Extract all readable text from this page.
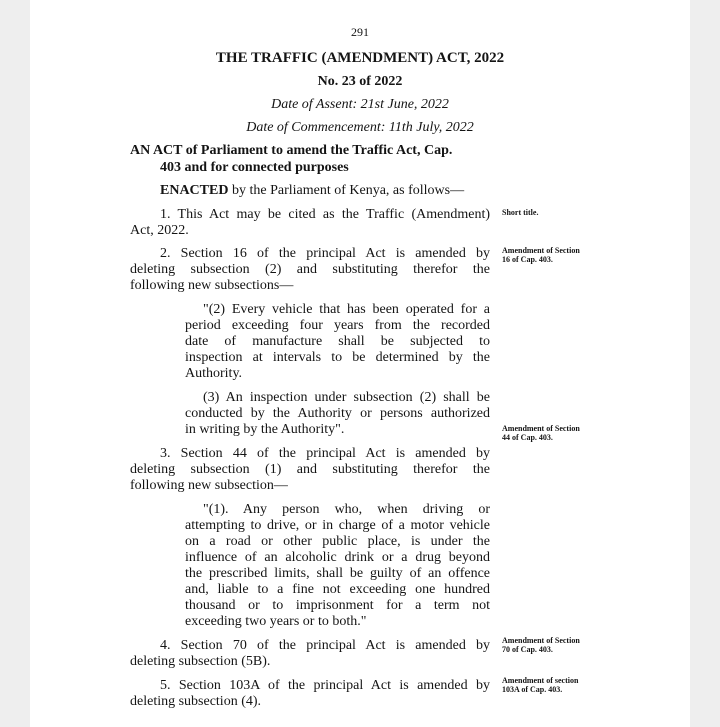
291

THE TRAFFIC (AMENDMENT) ACT, 2022

No. 23 of 2022

Date of Assent: 21st June, 2022

Date of Commencement: 11th July, 2022

AN ACT of Parliament to amend the Traffic Act, Cap.

403 and for connected purposes

ENACTED by the Parliament of Kenya, as follows—

1. This Act may be cited as the Traffic (Amendment)

Act, 2022.

Short title.

2. Section 16 of the principal Act is amended by

deleting subsection (2) and substituting therefor the

following new subsections—

Amendment of Section 16 of Cap. 403.

"(2) Every vehicle that has been operated for a

period exceeding four years from the recorded

date of manufacture shall be subjected to

inspection at intervals to be determined by the

Authority.

(3) An inspection under subsection (2) shall be

conducted by the Authority or persons authorized

in writing by the Authority".	Amendment of Section 44 of Cap. 403.

3. Section 44 of the principal Act is amended by

deleting subsection (1) and substituting therefor the

following new subsection—

"(1). Any person who, when driving or

attempting to drive, or in charge of a motor vehicle

on a road or other public place, is under the

influence of an alcoholic drink or a drug beyond

the prescribed limits, shall be guilty of an offence

and, liable to a fine not exceeding one hundred

thousand or to imprisonment for a term not

exceeding two years or to both."

4. Section 70 of the principal Act is amended by

deleting subsection (5B).

Amendment of Section 70 of Cap. 403.

5. Section 103A of the principal Act is amended by

deleting subsection (4).

Amendment of section 103A of Cap. 403.
